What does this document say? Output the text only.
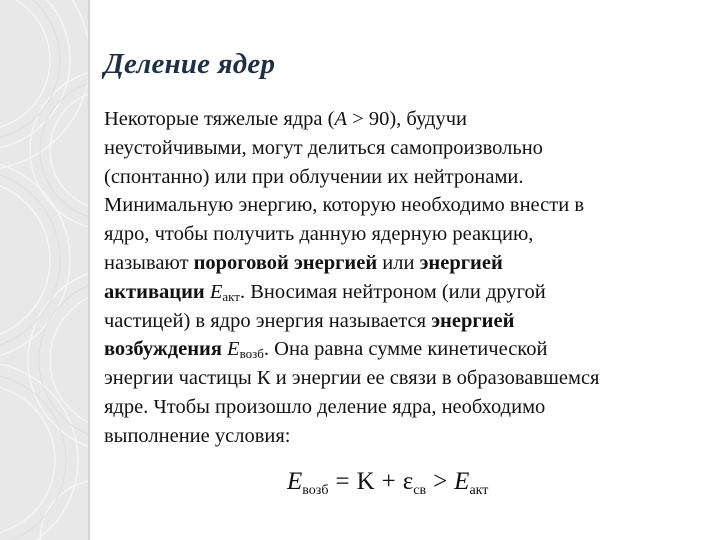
Деление ядер
Некоторые тяжелые ядра (A > 90), будучи
неустойчивыми, могут делиться самопроизвольно
(спонтанно) или при облучении их нейтронами.
Минимальную энергию, которую необходимо внести в
ядро, чтобы получить данную ядерную реакцию,
называют пороговой энергией или энергией
активации $E_{акт}$. Вносимая нейтроном (или другой
частицей) в ядро энергия называется энергией
возбуждения $E_{возб}$. Она равна сумме кинетической
энергии частицы К и энергии ее связи в образовавшемся
ядре. Чтобы произошло деление ядра, необходимо
выполнение условия:
$E_{возб} = K + \varepsilon_{св} > E_{акт}$
